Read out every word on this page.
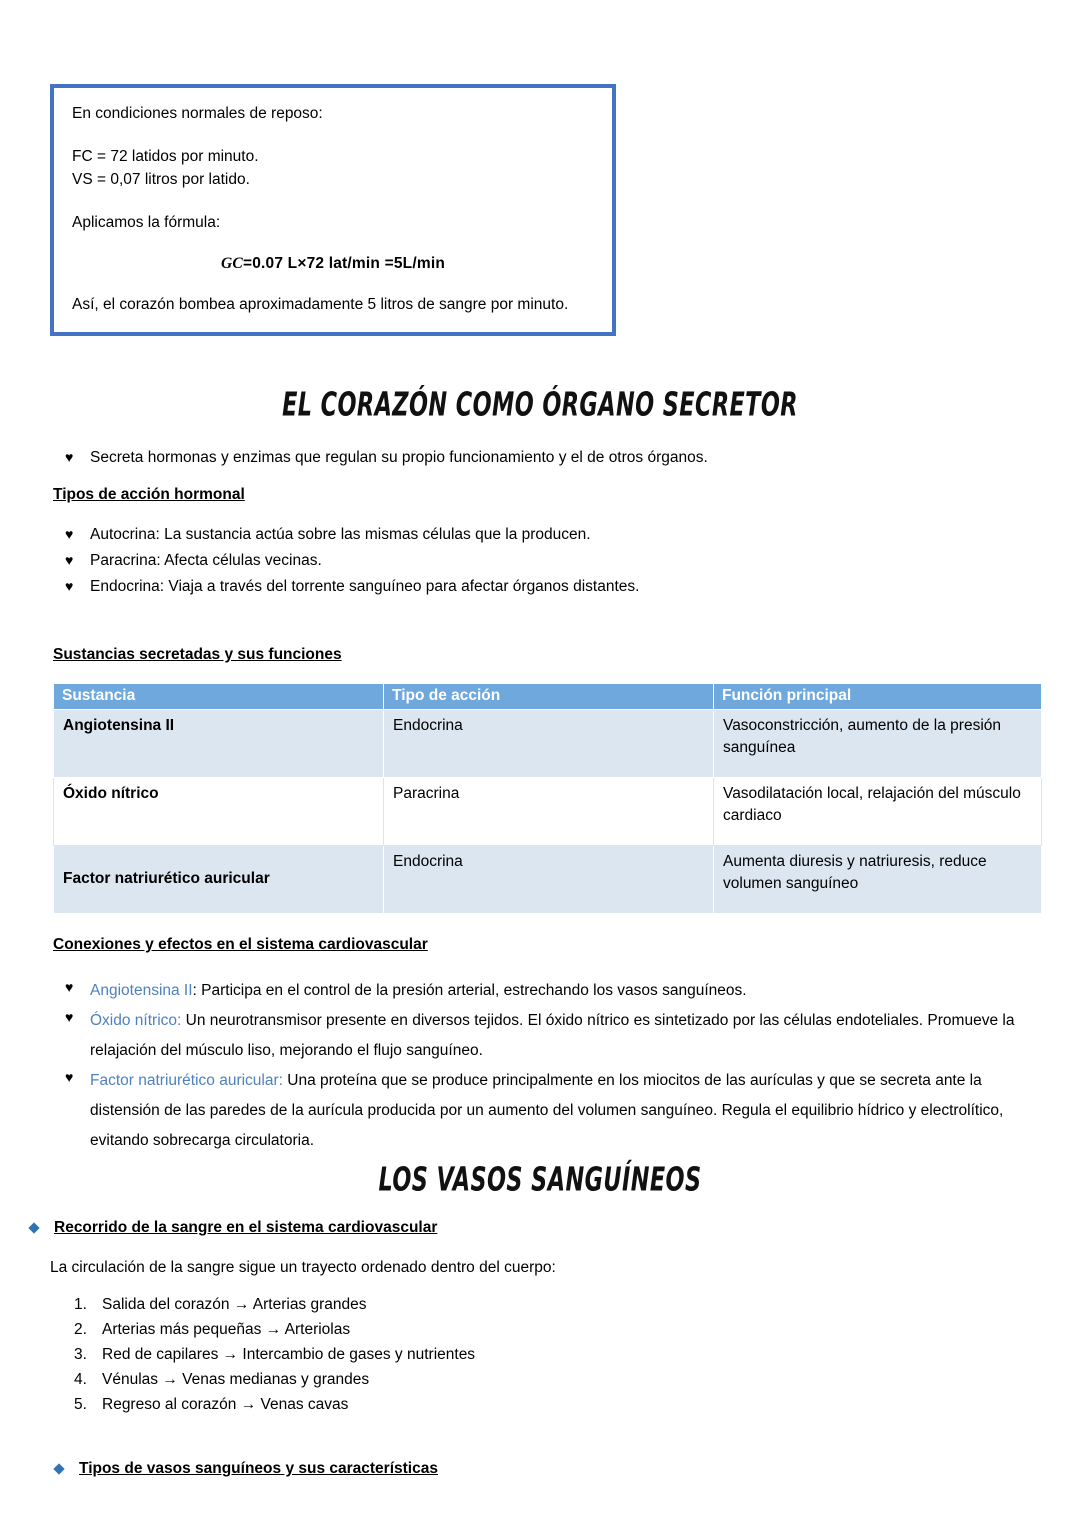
En condiciones normales de reposo:

FC = 72 latidos por minuto.

VS = 0,07 litros por latido.

Aplicamos la fórmula:

GC=0.07 L×72 lat/min =5L/min

Así, el corazón bombea aproximadamente 5 litros de sangre por minuto.

EL CORAZÓN COMO ÓRGANO SECRETOR
♥ Secreta hormonas y enzimas que regulan su propio funcionamiento y el de otros órganos.
Tipos de acción hormonal
♥ Autocrina: La sustancia actúa sobre las mismas células que la producen.
♥ Paracrina: Afecta células vecinas.
♥ Endocrina: Viaja a través del torrente sanguíneo para afectar órganos distantes.
Sustancias secretadas y sus funciones
Sustancia	Tipo de acción	Función principal
Angiotensina II	Endocrina	Vasoconstricción, aumento de la presión sanguínea
Óxido nítrico	Paracrina	Vasodilatación local, relajación del músculo cardiaco
Factor natriurético auricular	Endocrina	Aumenta diuresis y natriuresis, reduce volumen sanguíneo
Conexiones y efectos en el sistema cardiovascular
♥ Angiotensina II: Participa en el control de la presión arterial, estrechando los vasos sanguíneos.
♥ Óxido nítrico: Un neurotransmisor presente en diversos tejidos. El óxido nítrico es sintetizado por las células endoteliales. Promueve la relajación del músculo liso, mejorando el flujo sanguíneo.
♥ Factor natriurético auricular: Una proteína que se produce principalmente en los miocitos de las aurículas y que se secreta ante la distensión de las paredes de la aurícula producida por un aumento del volumen sanguíneo. Regula el equilibrio hídrico y electrolítico, evitando sobrecarga circulatoria.
LOS VASOS SANGUÍNEOS
Recorrido de la sangre en el sistema cardiovascular

La circulación de la sangre sigue un trayecto ordenado dentro del cuerpo:

Salida del corazón → Arterias grandes
Arterias más pequeñas → Arteriolas
Red de capilares → Intercambio de gases y nutrientes
Vénulas → Venas medianas y grandes
Regreso al corazón → Venas cavas
Tipos de vasos sanguíneos y sus características
